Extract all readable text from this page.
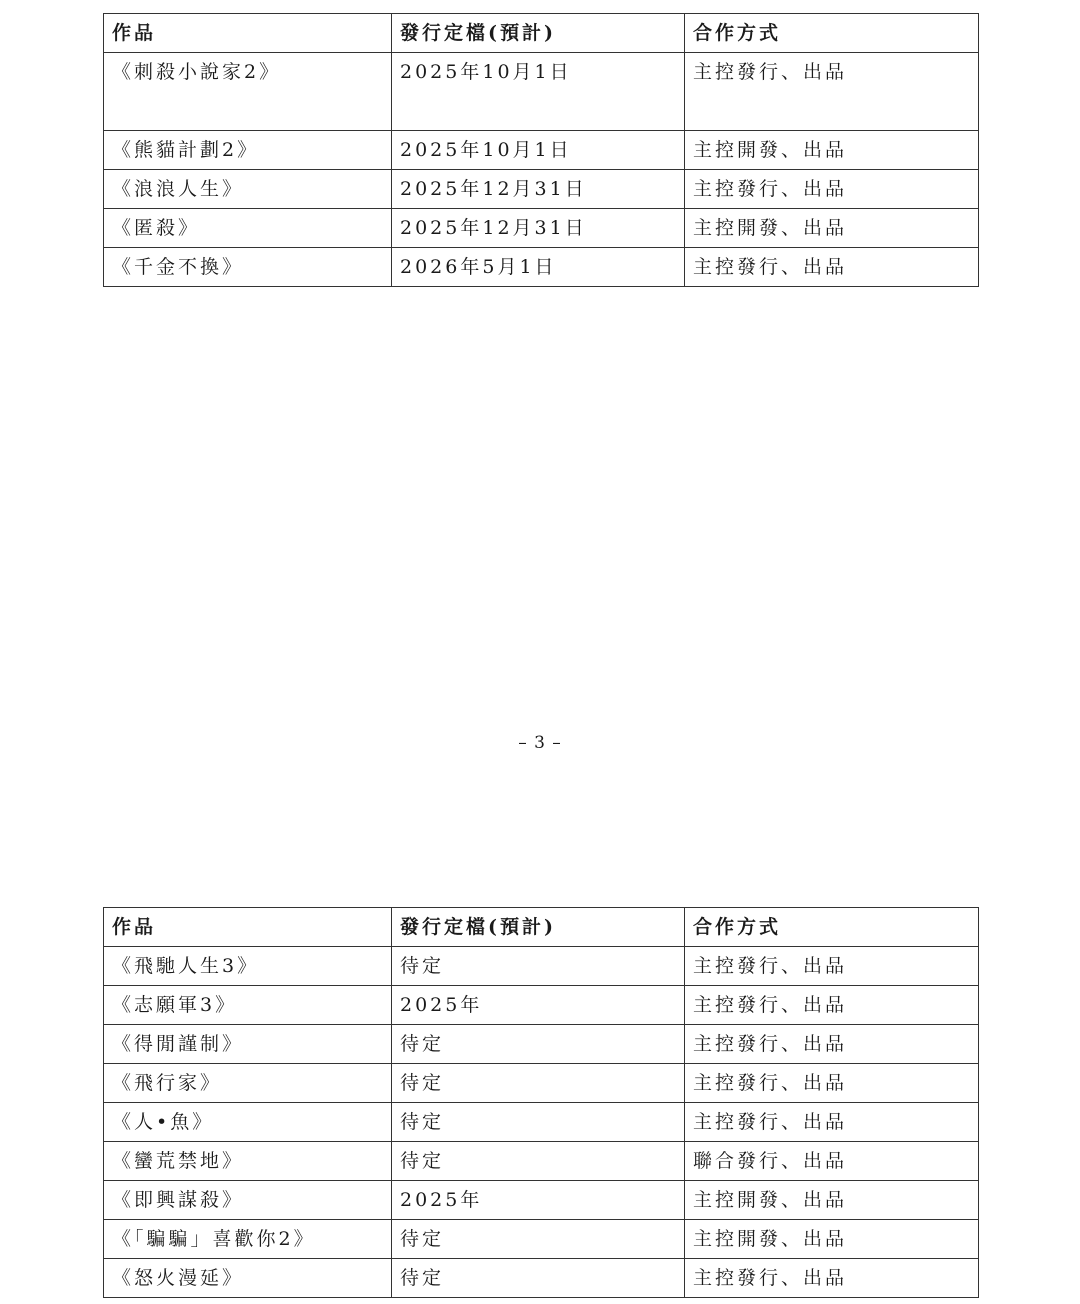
作品	發行定檔(預計)	合作方式
《刺殺小說家2》	2025年10月1日	主控發行、出品
《熊貓計劃2》	2025年10月1日	主控開發、出品
《浪浪人生》	2025年12月31日	主控發行、出品
《匿殺》	2025年12月31日	主控開發、出品
《千金不換》	2026年5月1日	主控發行、出品
– 3 –
作品	發行定檔(預計)	合作方式
《飛馳人生3》	待定	主控發行、出品
《志願軍3》	2025年	主控發行、出品
《得閒謹制》	待定	主控發行、出品
《飛行家》	待定	主控發行、出品
《人•魚》	待定	主控發行、出品
《蠻荒禁地》	待定	聯合發行、出品
《即興謀殺》	2025年	主控開發、出品
《「騙騙」喜歡你2》	待定	主控開發、出品
《怒火漫延》	待定	主控發行、出品
